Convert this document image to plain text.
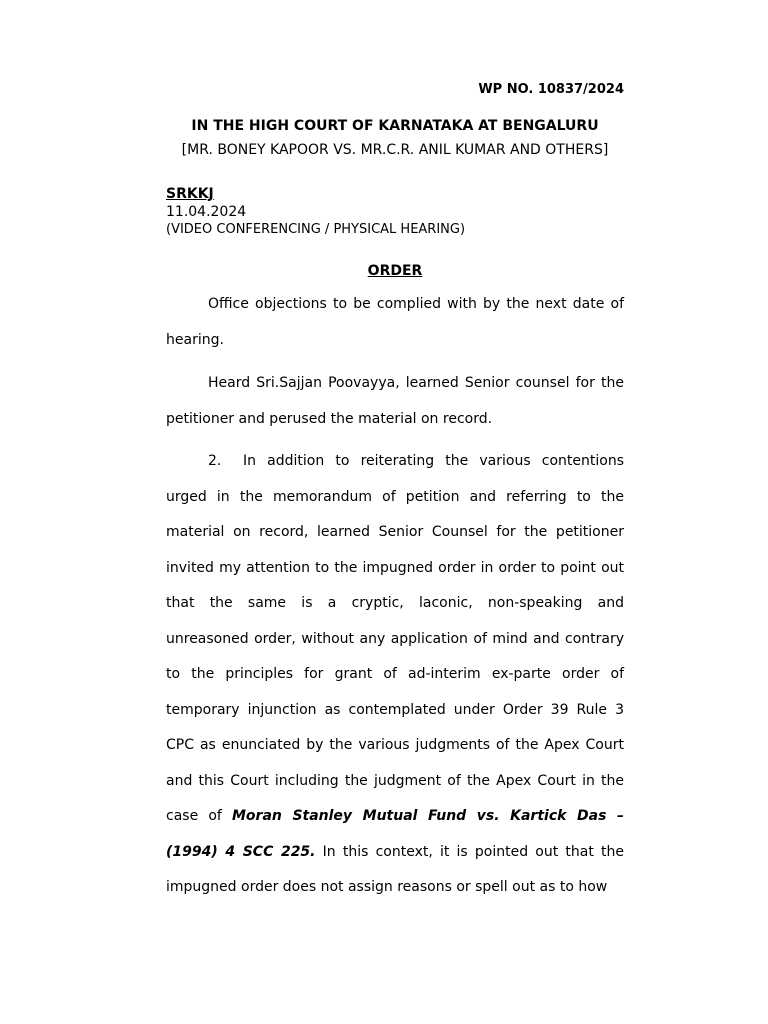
WP NO. 10837/2024
IN THE HIGH COURT OF KARNATAKA AT BENGALURU
[MR. BONEY KAPOOR VS. MR.C.R. ANIL KUMAR AND OTHERS]
SRKKJ
11.04.2024
(VIDEO CONFERENCING / PHYSICAL HEARING)
ORDER

Office objections to be complied with by the next date of hearing.

Heard Sri.Sajjan Poovayya, learned Senior counsel for the petitioner and perused the material on record.

2. In addition to reiterating the various contentions urged in the memorandum of petition and referring to the material on record, learned Senior Counsel for the petitioner invited my attention to the impugned order in order to point out that the same is a cryptic, laconic, non-speaking and unreasoned order, without any application of mind and contrary to the principles for grant of ad-interim ex-parte order of temporary injunction as contemplated under Order 39 Rule 3 CPC as enunciated by the various judgments of the Apex Court and this Court including the judgment of the Apex Court in the case of Moran Stanley Mutual Fund vs. Kartick Das – (1994) 4 SCC 225. In this context, it is pointed out that the impugned order does not assign reasons or spell out as to how
